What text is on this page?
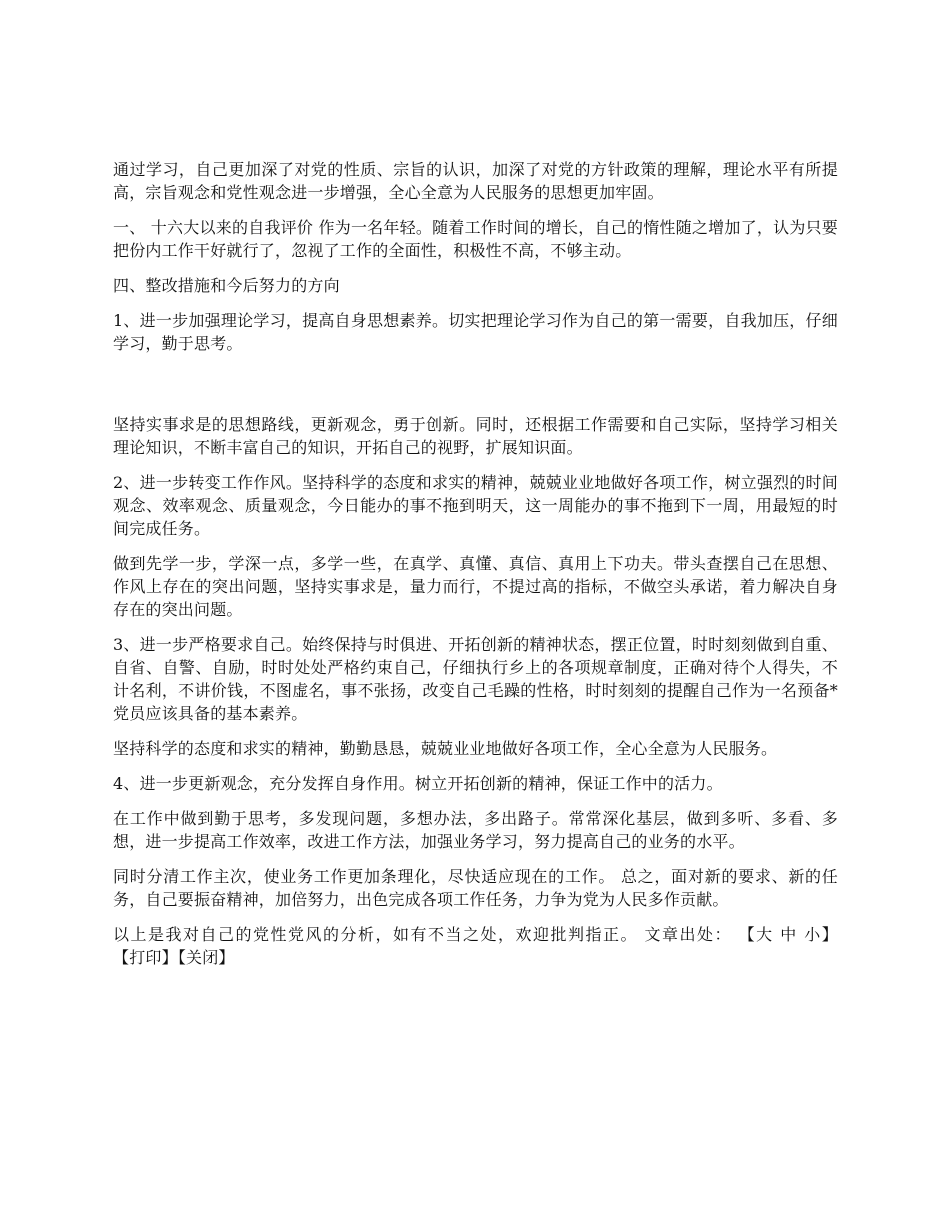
通过学习，自己更加深了对党的性质、宗旨的认识，加深了对党的方针政策的理解，理论水平有所提高，宗旨观念和党性观念进一步增强，全心全意为人民服务的思想更加牢固。

一、 十六大以来的自我评价 作为一名年轻。随着工作时间的增长，自己的惰性随之增加了，认为只要把份内工作干好就行了，忽视了工作的全面性，积极性不高，不够主动。

四、整改措施和今后努力的方向

1、进一步加强理论学习，提高自身思想素养。切实把理论学习作为自己的第一需要，自我加压，仔细学习，勤于思考。

坚持实事求是的思想路线，更新观念，勇于创新。同时，还根据工作需要和自己实际，坚持学习相关理论知识，不断丰富自己的知识，开拓自己的视野，扩展知识面。

2、进一步转变工作作风。坚持科学的态度和求实的精神，兢兢业业地做好各项工作，树立强烈的时间观念、效率观念、质量观念，今日能办的事不拖到明天，这一周能办的事不拖到下一周，用最短的时间完成任务。

做到先学一步，学深一点，多学一些，在真学、真懂、真信、真用上下功夫。带头查摆自己在思想、作风上存在的突出问题，坚持实事求是，量力而行，不提过高的指标，不做空头承诺，着力解决自身存在的突出问题。

3、进一步严格要求自己。始终保持与时俱进、开拓创新的精神状态，摆正位置，时时刻刻做到自重、自省、自警、自励，时时处处严格约束自己，仔细执行乡上的各项规章制度，正确对待个人得失，不计名利，不讲价钱，不图虚名，事不张扬，改变自己毛躁的性格，时时刻刻的提醒自己作为一名预备*党员应该具备的基本素养。

坚持科学的态度和求实的精神，勤勤恳恳，兢兢业业地做好各项工作，全心全意为人民服务。

4、进一步更新观念，充分发挥自身作用。树立开拓创新的精神，保证工作中的活力。

在工作中做到勤于思考，多发现问题，多想办法，多出路子。常常深化基层，做到多听、多看、多想，进一步提高工作效率，改进工作方法，加强业务学习，努力提高自己的业务的水平。

同时分清工作主次，使业务工作更加条理化，尽快适应现在的工作。 总之，面对新的要求、新的任务，自己要振奋精神，加倍努力，出色完成各项工作任务，力争为党为人民多作贡献。

以上是我对自己的党性党风的分析，如有不当之处，欢迎批判指正。 文章出处： 【大 中 小】【打印】【关闭】
